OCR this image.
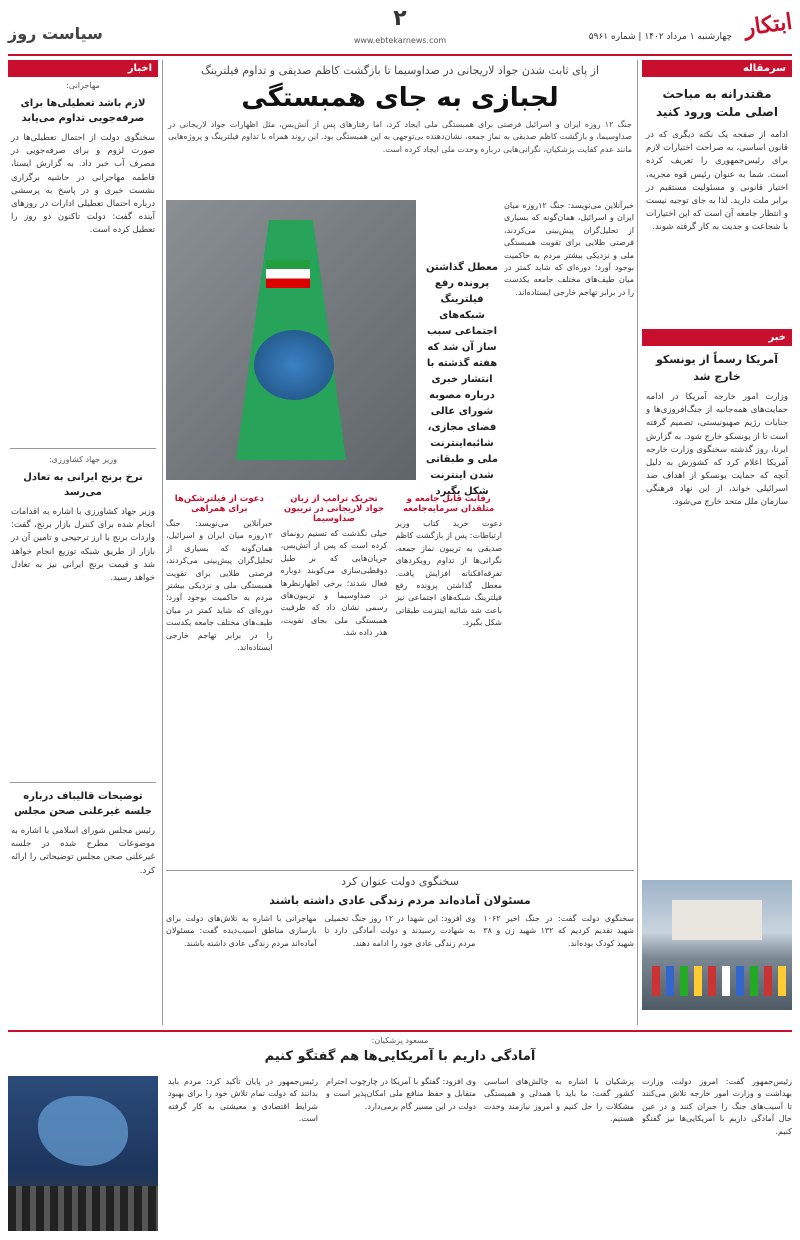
ابتکار
چهارشنبه ۱ مرداد ۱۴۰۲ | شماره ۵۹۶۱
۲
www.ebtekarnews.com
سیاست روز
سرمقاله
مقتدرانه به مباحث اصلی ملت ورود کنید
ادامه از صفحه یک نکته دیگری که در قانون اساسی، به صراحت اختیارات لازم برای رئیس‌جمهوری را تعریف کرده است. شما به عنوان رئیس قوه مجریه، اختیار قانونی و مسئولیت مستقیم در برابر ملت دارید. لذا به جای توجیه نیست و انتظار جامعه آن است که این اختیارات با شجاعت و جدیت به کار گرفته شوند.
خبر
آمریکا رسماً از یونسکو خارج شد
وزارت امور خارجه آمریکا در ادامه حمایت‌های همه‌جانبه از جنگ‌افروزی‌ها و جنایات رژیم صهیونیستی، تصمیم گرفته است تا از یونسکو خارج شود. به گزارش ایرنا، روز گذشته سخنگوی وزارت خارجه آمریکا اعلام کرد که کشورش به دلیل آنچه که حمایت یونسکو از اهداف ضد اسرائیلی خواند، از این نهاد فرهنگی سازمان ملل متحد خارج می‌شود.
اخبار
مهاجرانی:
لازم باشد تعطیلی‌ها برای صرفه‌جویی تداوم می‌یابد
سخنگوی دولت از احتمال تعطیلی‌ها در صورت لزوم و برای صرفه‌جویی در مصرف آب خبر داد. به گزارش ایسنا، فاطمه مهاجرانی در حاشیه برگزاری نشست خبری و در پاسخ به پرسشی درباره احتمال تعطیلی ادارات در روزهای آینده گفت: دولت تاکنون دو روز را تعطیل کرده است.
وزیر جهاد کشاورزی:
نرخ برنج ایرانی به تعادل می‌رسد
وزیر جهاد کشاورزی با اشاره به اقدامات انجام شده برای کنترل بازار برنج، گفت: واردات برنج با ارز ترجیحی و تامین آن در بازار از طریق شبکه توزیع انجام خواهد شد و قیمت برنج ایرانی نیز به تعادل خواهد رسید.
توضیحات قالیباف درباره جلسه غیرعلنی صحن مجلس
رئیس مجلس شورای اسلامی با اشاره به موضوعات مطرح شده در جلسه غیرعلنی صحن مجلس توضیحاتی را ارائه کرد.
از پای ثابت شدن جواد لاریجانی در صداوسیما تا بازگشت کاظم صدیقی و تداوم فیلترینگ
لجبازی به جای همبستگی
جنگ ۱۲ روزه ایران و اسرائیل فرصتی برای همبستگی ملی ایجاد کرد، اما رفتارهای پس از آتش‌بس، مثل اظهارات جواد لاریجانی در صداوسیما، و بازگشت کاظم صدیقی به نماز جمعه، نشان‌دهنده بی‌توجهی به این همبستگی بود. این روند همراه با تداوم فیلترینگ و پروژه‌هایی مانند عدم کفایت پزشکیان، نگرانی‌هایی درباره وحدت ملی ایجاد کرده است.
معطل گذاشتن پرونده رفع فیلترینگ شبکه‌های اجتماعی سبب ساز آن شد که هفته گذشته با انتشار خبری درباره مصوبه شورای عالی فضای مجازی، شائبه‌اینترنت ملی و طبقاتی شدن اینترنت شکل بگیرد
خبرآنلاین می‌نویسد: جنگ ۱۲روزه میان ایران و اسرائیل، همان‌گونه که بسیاری از تحلیل‌گران پیش‌بینی می‌کردند، فرصتی طلایی برای تقویت همبستگی ملی و نزدیکی بیشتر مردم به حاکمیت بوجود آورد؛ دوره‌ای که شاید کمتر در میان طیف‌های مختلف جامعه یکدست را در برابر تهاجم خارجی ایستاده‌اند.
رقابت قابل جامعه و متلقدان سرمایه‌جامعه
دعوت خرید کتاب وزیر ارتباطات: پس از بازگشت کاظم صدیقی به تریبون نماز جمعه، نگرانی‌ها از تداوم رویکردهای تفرقه‌افکنانه افزایش یافت. معطل گذاشتن پرونده رفع فیلترینگ شبکه‌های اجتماعی نیز باعث شد شائبه اینترنت طبقاتی شکل بگیرد.
تحریک ترامپ از زبان جواد لاریجانی در تریبون صداوسیما
حیلی نگذشت که تسنیم رونمای کرده است که پس از آتش‌بس، جریان‌هایی که بر طبل دوقطبی‌سازی می‌کوبند دوباره فعال شدند؛ برخی اظهارنظرها در صداوسیما و تریبون‌های رسمی نشان داد که ظرفیت همبستگی ملی بجای تقویت، هدر داده شد.
دعوت از فیلترشکن‌ها برای همراهی
خبرآنلاین می‌نویسد: جنگ ۱۲روزه میان ایران و اسرائیل، همان‌گونه که بسیاری از تحلیل‌گران پیش‌بینی می‌کردند، فرصتی طلایی برای تقویت همبستگی ملی و نزدیکی بیشتر مردم به حاکمیت بوجود آورد؛ دوره‌ای که شاید کمتر در میان طیف‌های مختلف جامعه یکدست را در برابر تهاجم خارجی ایستاده‌اند.
سخنگوی دولت عنوان کرد
مسئولان آماده‌اند مردم زندگی عادی داشته باشند
سخنگوی دولت گفت: در جنگ اخیر ۱۰۶۲ شهید تقدیم کردیم که ۱۳۲ شهید زن و ۳۸ شهید کودک بوده‌اند.
وی افزود: این شهدا در ۱۲ روز جنگ تحمیلی به شهادت رسیدند و دولت آمادگی دارد تا مردم زندگی عادی خود را ادامه دهند.
مهاجرانی با اشاره به تلاش‌های دولت برای بازسازی مناطق آسیب‌دیده گفت: مسئولان آماده‌اند مردم زندگی عادی داشته باشند.
مسعود پزشکیان:
آمادگی داریم با آمریکایی‌ها هم گفتگو کنیم
رئیس‌جمهور گفت: امروز دولت، وزارت بهداشت و وزارت امور خارجه تلاش می‌کنند تا آسیب‌های جنگ را جبران کنند و در عین حال آمادگی داریم با آمریکایی‌ها نیز گفتگو کنیم.
پزشکیان با اشاره به چالش‌های اساسی کشور گفت: ما باید با همدلی و همبستگی مشکلات را حل کنیم و امروز نیازمند وحدت هستیم.
وی افزود: گفتگو با آمریکا در چارچوب احترام متقابل و حفظ منافع ملی امکان‌پذیر است و دولت در این مسیر گام برمی‌دارد.
رئیس‌جمهور در پایان تأکید کرد: مردم باید بدانند که دولت تمام تلاش خود را برای بهبود شرایط اقتصادی و معیشتی به کار گرفته است.
